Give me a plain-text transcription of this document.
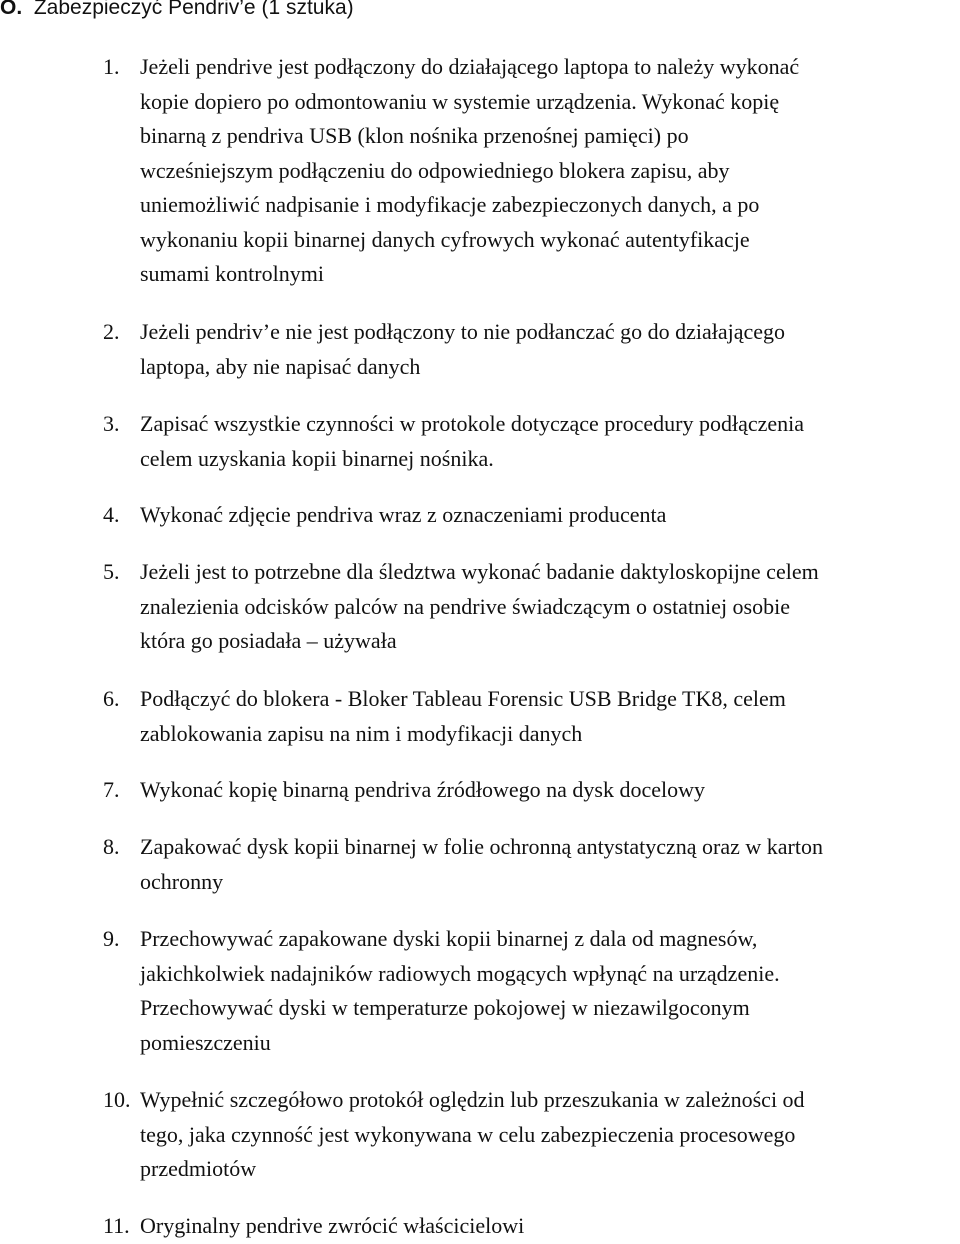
O. Zabezpieczyć Pendriv’e (1 sztuka)
1. Jeżeli pendrive jest podłączony do działającego laptopa to należy wykonać
kopie dopiero po odmontowaniu w systemie urządzenia. Wykonać kopię
binarną z pendriva USB (klon nośnika przenośnej pamięci) po
wcześniejszym podłączeniu do odpowiedniego blokera zapisu, aby
uniemożliwić nadpisanie i modyfikacje zabezpieczonych danych, a po
wykonaniu kopii binarnej danych cyfrowych wykonać autentyfikacje
sumami kontrolnymi
2. Jeżeli pendriv’e nie jest podłączony to nie podłanczać go do działającego
laptopa, aby nie napisać danych
3. Zapisać wszystkie czynności w protokole dotyczące procedury podłączenia
celem uzyskania kopii binarnej nośnika.
4. Wykonać zdjęcie pendriva wraz z oznaczeniami producenta
5. Jeżeli jest to potrzebne dla śledztwa wykonać badanie daktyloskopijne celem
znalezienia odcisków palców na pendrive świadczącym o ostatniej osobie
która go posiadała – używała
6. Podłączyć do blokera - Bloker Tableau Forensic USB Bridge TK8, celem
zablokowania zapisu na nim i modyfikacji danych
7. Wykonać kopię binarną pendriva źródłowego na dysk docelowy
8. Zapakować dysk kopii binarnej w folie ochronną antystatyczną oraz w karton
ochronny
9. Przechowywać zapakowane dyski kopii binarnej z dala od magnesów,
jakichkolwiek nadajników radiowych mogących wpłynąć na urządzenie.
Przechowywać dyski w temperaturze pokojowej w niezawilgoconym
pomieszczeniu
10. Wypełnić szczegółowo protokół oględzin lub przeszukania w zależności od
tego, jaka czynność jest wykonywana w celu zabezpieczenia procesowego
przedmiotów
11. Oryginalny pendrive zwrócić właścicielowi
